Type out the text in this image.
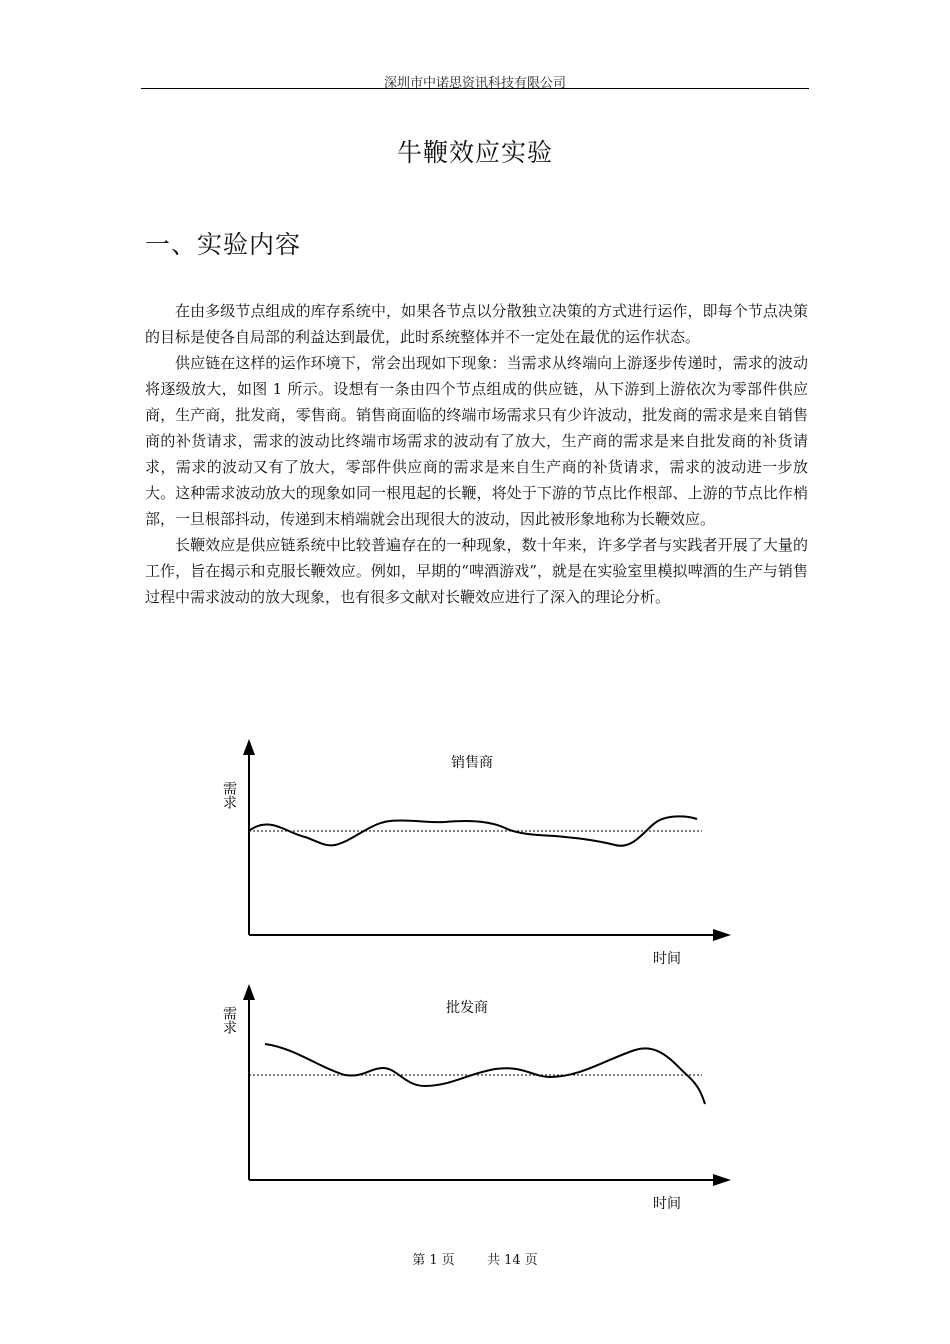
深圳市中诺思资讯科技有限公司
牛鞭效应实验
一、实验内容

在由多级节点组成的库存系统中，如果各节点以分散独立决策的方式进行运作，即每个节点决策的目标是使各自局部的利益达到最优，此时系统整体并不一定处在最优的运作状态。

供应链在这样的运作环境下，常会出现如下现象：当需求从终端向上游逐步传递时，需求的波动将逐级放大，如图 1 所示。设想有一条由四个节点组成的供应链，从下游到上游依次为零部件供应商，生产商，批发商，零售商。销售商面临的终端市场需求只有少许波动，批发商的需求是来自销售商的补货请求，需求的波动比终端市场需求的波动有了放大，生产商的需求是来自批发商的补货请求，需求的波动又有了放大，零部件供应商的需求是来自生产商的补货请求，需求的波动进一步放大。这种需求波动放大的现象如同一根甩起的长鞭，将处于下游的节点比作根部、上游的节点比作梢部，一旦根部抖动，传递到末梢端就会出现很大的波动，因此被形象地称为长鞭效应。

长鞭效应是供应链系统中比较普遍存在的一种现象，数十年来，许多学者与实践者开展了大量的工作，旨在揭示和克服长鞭效应。例如，早期的“啤酒游戏”，就是在实验室里模拟啤酒的生产与销售过程中需求波动的放大现象，也有很多文献对长鞭效应进行了深入的理论分析。

销售商
需求
时间
批发商
需求
时间
第 1 页 共 14 页
